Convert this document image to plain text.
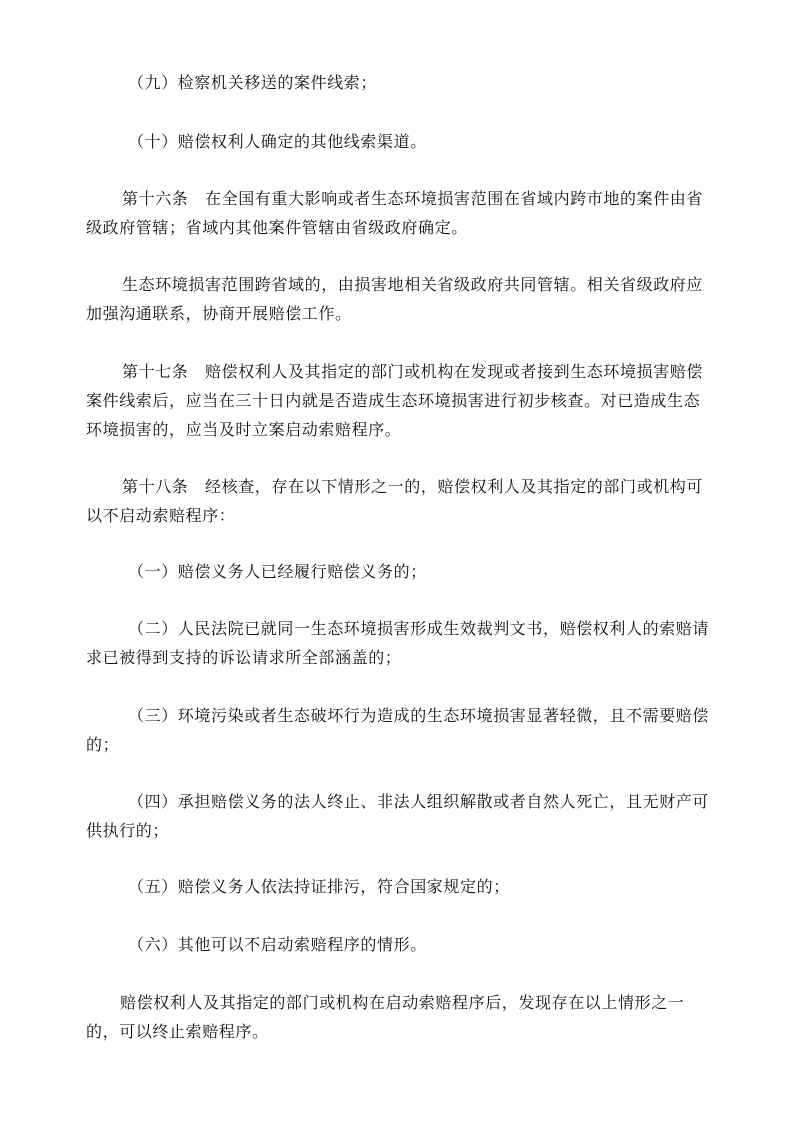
（九）检察机关移送的案件线索；

（十）赔偿权利人确定的其他线索渠道。

第十六条　在全国有重大影响或者生态环境损害范围在省域内跨市地的案件由省级政府管辖；省域内其他案件管辖由省级政府确定。

生态环境损害范围跨省域的，由损害地相关省级政府共同管辖。相关省级政府应加强沟通联系，协商开展赔偿工作。

第十七条　赔偿权利人及其指定的部门或机构在发现或者接到生态环境损害赔偿案件线索后，应当在三十日内就是否造成生态环境损害进行初步核查。对已造成生态环境损害的，应当及时立案启动索赔程序。

第十八条　经核查，存在以下情形之一的，赔偿权利人及其指定的部门或机构可以不启动索赔程序：

（一）赔偿义务人已经履行赔偿义务的；

（二）人民法院已就同一生态环境损害形成生效裁判文书，赔偿权利人的索赔请求已被得到支持的诉讼请求所全部涵盖的；

（三）环境污染或者生态破坏行为造成的生态环境损害显著轻微，且不需要赔偿的；

（四）承担赔偿义务的法人终止、非法人组织解散或者自然人死亡，且无财产可供执行的；

（五）赔偿义务人依法持证排污，符合国家规定的；

（六）其他可以不启动索赔程序的情形。

赔偿权利人及其指定的部门或机构在启动索赔程序后，发现存在以上情形之一的，可以终止索赔程序。
